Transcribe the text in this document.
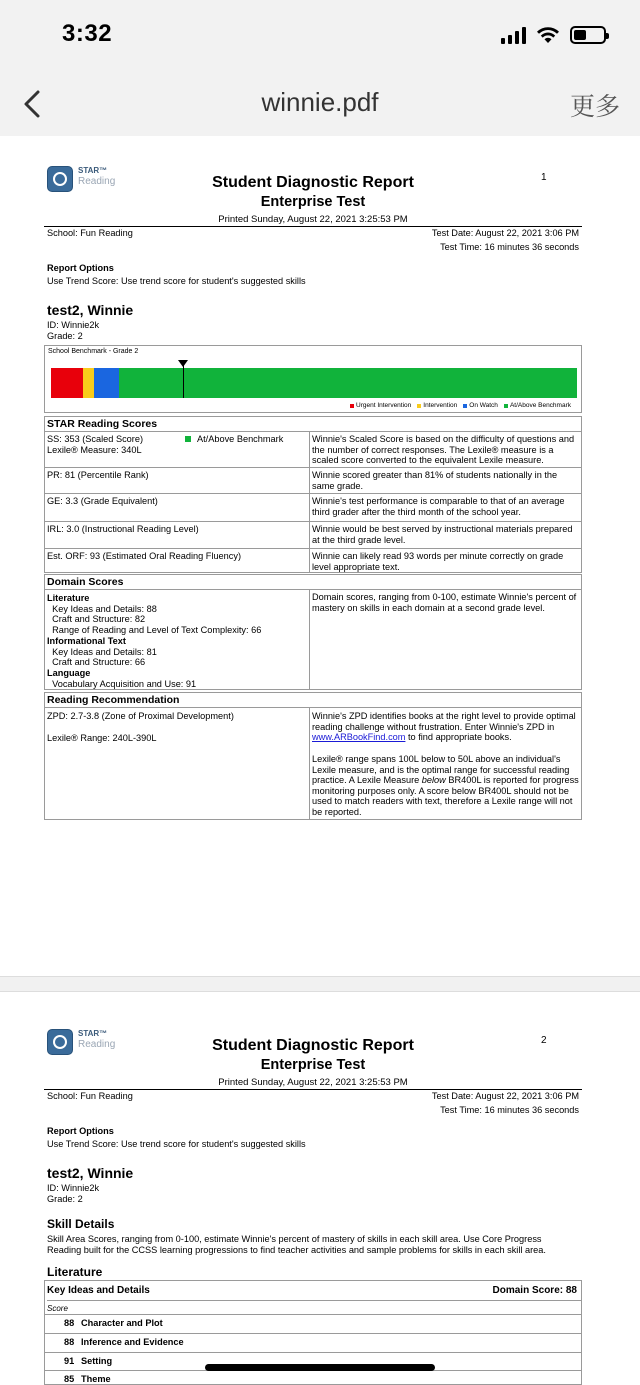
3:32
winnie.pdf	更多
STAR™
Reading	Student Diagnostic Report
Enterprise Test
1
Printed Sunday, August 22, 2021 3:25:53 PM
School: Fun Reading	Test Date: August 22, 2021 3:06 PM
Test Time: 16 minutes 36 seconds
Report Options
Use Trend Score: Use trend score for student's suggested skills
test2, Winnie
ID: Winnie2k
Grade: 2
School Benchmark - Grade 2
Urgent Intervention Intervention On Watch At/Above Benchmark
STAR Reading Scores
SS: 353 (Scaled Score)
Lexile® Measure: 340L
At/Above Benchmark	Winnie's Scaled Score is based on the difficulty of questions and the number of correct responses. The Lexile® measure is a scaled score converted to the equivalent Lexile measure.
PR: 81 (Percentile Rank)	Winnie scored greater than 81% of students nationally in the same grade.
GE: 3.3 (Grade Equivalent)	Winnie's test performance is comparable to that of an average third grader after the third month of the school year.
IRL: 3.0 (Instructional Reading Level)	Winnie would be best served by instructional materials prepared at the third grade level.
Est. ORF: 93 (Estimated Oral Reading Fluency)	Winnie can likely read 93 words per minute correctly on grade level appropriate text.
Domain Scores
Literature
Key Ideas and Details: 88
Craft and Structure: 82
Range of Reading and Level of Text Complexity: 66
Informational Text
Key Ideas and Details: 81
Craft and Structure: 66
Language
Vocabulary Acquisition and Use: 91
Domain scores, ranging from 0-100, estimate Winnie's percent of mastery on skills in each domain at a second grade level.
Reading Recommendation
ZPD: 2.7-3.8 (Zone of Proximal Development)
Lexile® Range: 240L-390L
Winnie's ZPD identifies books at the right level to provide optimal reading challenge without frustration. Enter Winnie's ZPD in www.ARBookFind.com to find appropriate books.
Lexile® range spans 100L below to 50L above an individual's Lexile measure, and is the optimal range for successful reading practice. A Lexile Measure below BR400L is reported for progress monitoring purposes only. A score below BR400L should not be used to match readers with text, therefore a Lexile range will not be reported.
STAR™
Reading	Student Diagnostic Report
Enterprise Test
2
Printed Sunday, August 22, 2021 3:25:53 PM
School: Fun Reading	Test Date: August 22, 2021 3:06 PM
Test Time: 16 minutes 36 seconds
Report Options
Use Trend Score: Use trend score for student's suggested skills
test2, Winnie
ID: Winnie2k
Grade: 2
Skill Details
Skill Area Scores, ranging from 0-100, estimate Winnie's percent of mastery of skills in each skill area. Use Core Progress
Reading built for the CCSS learning progressions to find teacher activities and sample problems for skills in each skill area.
Literature
Key Ideas and Details	Domain Score: 88
Score
88 Character and Plot
88 Inference and Evidence
91 Setting
85 Theme
